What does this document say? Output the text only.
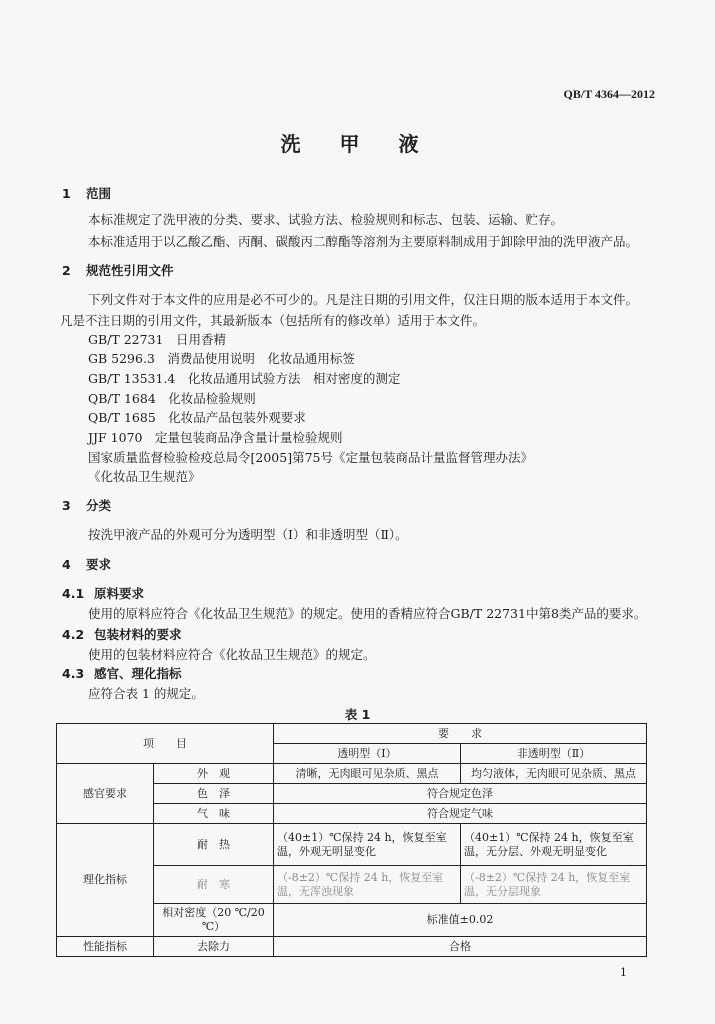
QB/T 4364—2012
洗 甲 液
1 范围
本标准规定了洗甲液的分类、要求、试验方法、检验规则和标志、包装、运输、贮存。
本标准适用于以乙酸乙酯、丙酮、碳酸丙二醇酯等溶剂为主要原料制成用于卸除甲油的洗甲液产品。
2 规范性引用文件
下列文件对于本文件的应用是必不可少的。凡是注日期的引用文件，仅注日期的版本适用于本文件。
凡是不注日期的引用文件，其最新版本（包括所有的修改单）适用于本文件。
GB/T 22731　日用香精
GB 5296.3　消费品使用说明　化妆品通用标签
GB/T 13531.4　化妆品通用试验方法　相对密度的测定
QB/T 1684　化妆品检验规则
QB/T 1685　化妆品产品包装外观要求
JJF 1070　定量包装商品净含量计量检验规则
国家质量监督检验检疫总局令[2005]第75号《定量包装商品计量监督管理办法》
《化妆品卫生规范》
3 分类
按洗甲液产品的外观可分为透明型（Ⅰ）和非透明型（Ⅱ）。
4 要求
4.1 原料要求
使用的原料应符合《化妆品卫生规范》的规定。使用的香精应符合GB/T 22731中第8类产品的要求。
4.2 包装材料的要求
使用的包装材料应符合《化妆品卫生规范》的规定。
4.3 感官、理化指标
应符合表 1 的规定。
表 1
项　　目		要　　求	
		透明型（Ⅰ）	非透明型（Ⅱ）
感官要求	外　观	清晰，无肉眼可见杂质、黑点	均匀液体，无肉眼可见杂质、黑点
	色　泽	符合规定色泽	
	气　味	符合规定气味	
理化指标	耐　热	（40±1）℃保持 24 h，恢复至室温，外观无明显变化	（40±1）℃保持 24 h，恢复至室温，无分层、外观无明显变化
	耐　寒	（-8±2）℃保持 24 h，恢复至室温，无浑浊现象	（-8±2）℃保持 24 h，恢复至室温，无分层现象
	相对密度（20 ℃/20 ℃）	标准值±0.02	
性能指标	去除力	合格	
1
